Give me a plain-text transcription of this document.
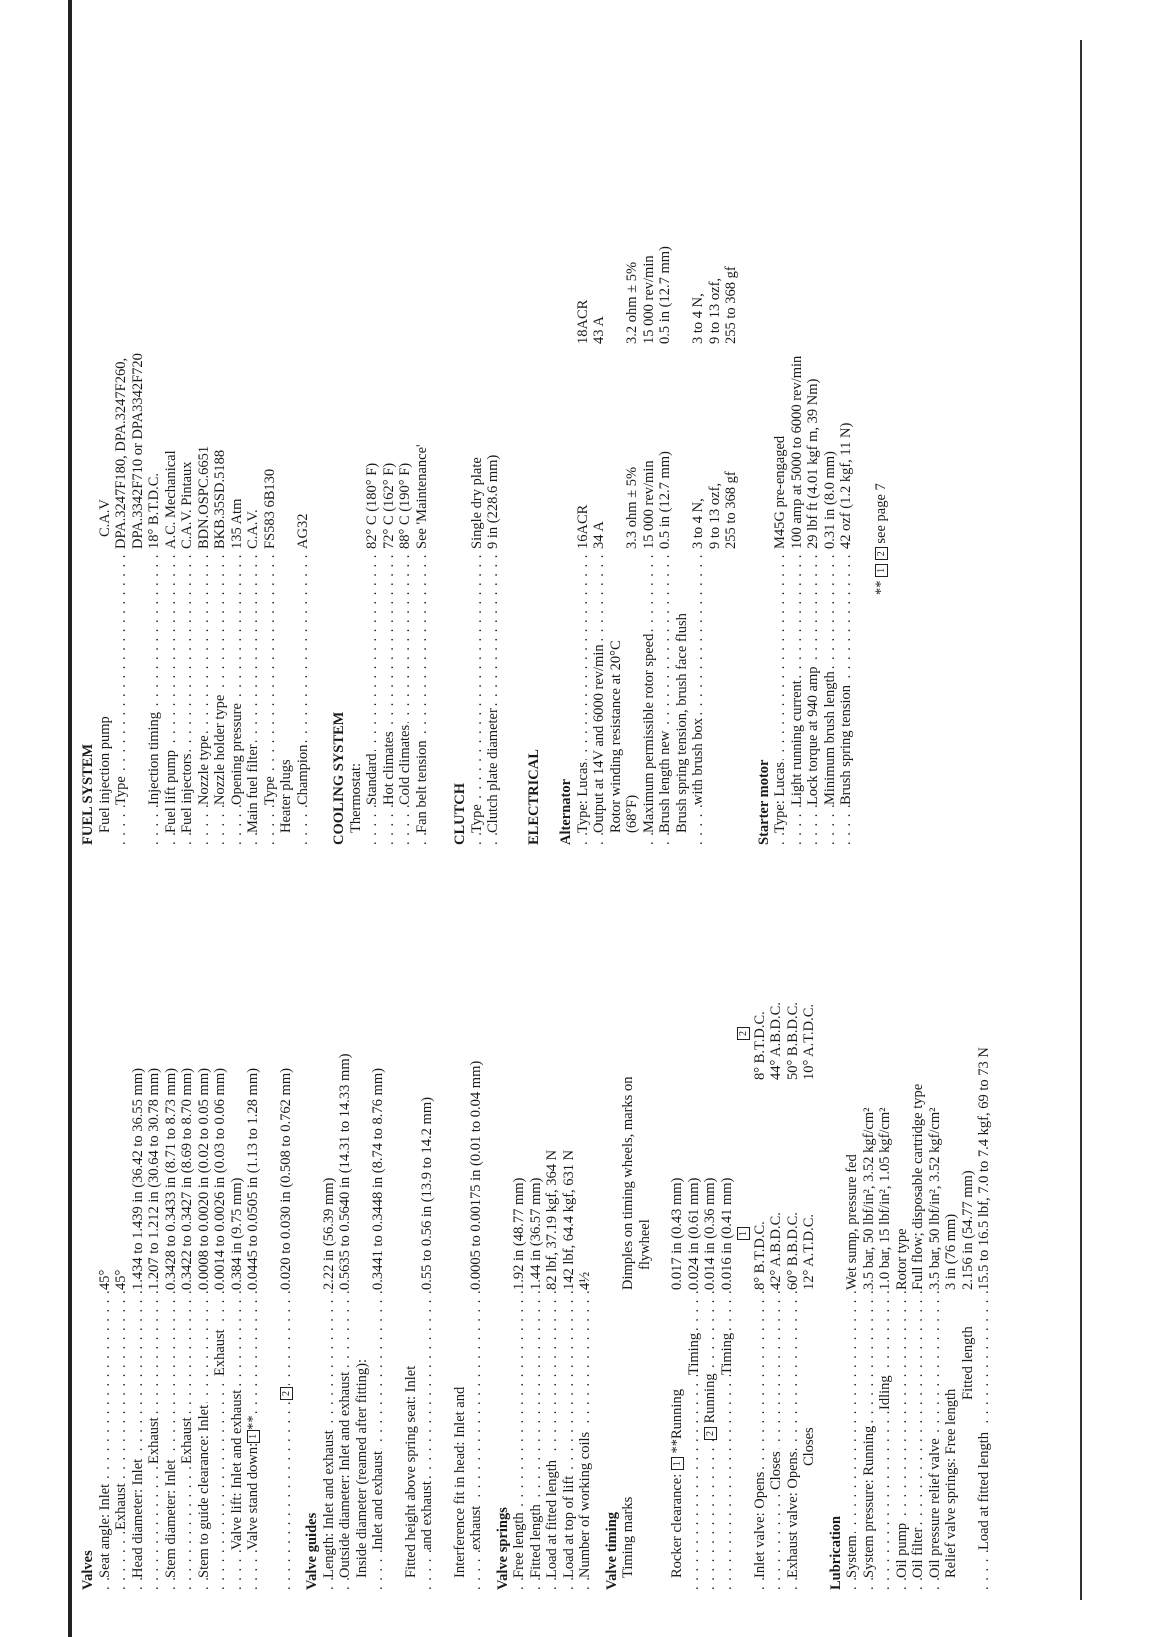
Valves Seat angle: Inlet . . .
45°
Exhaust . . .
45°
Head diameter: Inlet . . .
1.434 to 1.439 in (36.42 to 36.55 mm)
Exhaust . . .
1.207 to 1.212 in (30.64 to 30.78 mm)
Stem diameter: Inlet . . .
0.3428 to 0.3433 in (8.71 to 8.73 mm)
Exhaust . . .
0.3422 to 0.3427 in (8.69 to 8.70 mm)
Stem to guide clearance: Inlet . . .
0.0008 to 0.0020 in (0.02 to 0.05 mm)
Exhaust . . .
0.0014 to 0.0026 in (0.03 to 0.06 mm)
Valve lift: Inlet and exhaust . . .
0.384 in (9.75 mm)
Valve stand down:1** . . .
0.0445 to 0.0505 in (1.13 to 1.28 mm)
2 . . .
0.020 to 0.030 in (0.508 to 0.762 mm)
Valve guides Length: Inlet and exhaust . . .
2.22 in (56.39 mm)
Outside diameter: Inlet and exhaust . . .
0.5635 to 0.5640 in (14.31 to 14.33 mm)
Inside diameter (reamed after fitting): Inlet and exhaust . . .
0.3441 to 0.3448 in (8.74 to 8.76 mm)
Fitted height above spring seat: Inlet and exhaust . . .
0.55 to 0.56 in (13.9 to 14.2 mm)
Interference fit in head: Inlet and exhaust . . .
0.0005 to 0.00175 in (0.01 to 0.04 mm)
Valve springs Free length . . .
1.92 in (48.77 mm)
Fitted length . . .
1.44 in (36.57 mm)
Load at fitted length . . .
82 lbf, 37.19 kgf, 364 N
Load at top of lift . . .
142 lbf, 64.4 kgf, 631 N
Number of working coils . . .
4½
Valve timing Timing marks
Dimples on timing wheels, marks on flywheel
Rocker clearance: 1 **Running
0.017 in (0.43 mm)
Timing . . .
0.024 in (0.61 mm)
2 Running . . .
0.014 in (0.36 mm)
Timing . . .
0.016 in (0.41 mm) 1
2
Inlet valve: Opens . . .
8° B.T.D.C.
8° B.T.D.C.
Closes . . .
42° A.B.D.C.
44° A.B.D.C.
Exhaust valve: Opens . . .
60° B.B.D.C.
50° B.B.D.C.
Closes
12° A.T.D.C.
10° A.T.D.C.
Lubrication System . . .
Wet sump, pressure fed
System pressure: Running . . .
3.5 bar, 50 lbf/in², 3.52 kgf/cm²
Idling . . .
1.0 bar, 15 lbf/in², 1.05 kgf/cm²
Oil pump . . .
Rotor type
Oil filter . . .
Full flow; disposable cartridge type
Oil pressure relief valve . . .
3.5 bar, 50 lbf/in², 3.52 kgf/cm²
Relief valve springs: Free length
3 in (76 mm)
Fitted length
2.156 in (54.77 mm)
Load at fitted length . . .
15.5 to 16.5 lbf, 7.0 to 7.4 kgf, 69 to 73 N
FUEL SYSTEM Fuel injection pump
C.A.V
Type . . .
DPA.3247F180, DPA.3247F260, DPA.3342F710 or DPA3342F720
Injection timing . . .
18° B.T.D.C.
Fuel lift pump . . .
A.C. Mechanical
Fuel injectors . . .
C.A.V. Pintaux
Nozzle type . . .
BDN.OSPC.6651
Nozzle holder type . . .
BKB.35SD.5188
Opening pressure . . .
135 Atm
Main fuel filter . . .
C.A.V.
Type . . .
FS583 6B130
Heater plugs Champion . . .
AG32
COOLING SYSTEM Thermostat: Standard . . .
82° C (180° F)
Hot climates . . .
72° C (162° F)
Cold climates . . .
88° C (190° F)
Fan belt tension . . .
See 'Maintenance'
CLUTCH Type . . .
Single dry plate
Clutch plate diameter . . .
9 in (228.6 mm)
ELECTRICAL Alternator Type: Lucas . . .
16ACR
18ACR
Output at 14V and 6000 rev/min . . .
34 A
43 A
Rotor winding resistance at 20°C (68°F)
3.3 ohm ± 5%
3.2 ohm ± 5%
Maximum permissible rotor speed . . .
15 000 rev/min
15 000 rev/min
Brush length new . . .
0.5 in (12.7 mm)
0.5 in (12.7 mm)
Brush spring tension, brush face flush with brush box . . .
3 to 4 N,
3 to 4 N,
9 to 13 ozf,
9 to 13 ozf,
255 to 368 gf
255 to 368 gf
Starter motor Type: Lucas . . .
M45G pre-engaged
Light running current . . .
100 amp at 5000 to 6000 rev/min
Lock torque at 940 amp . . .
29 lbf ft (4.01 kgf m, 39 Nm)
Minimum brush length . . .
0.31 in (8.0 mm)
Brush spring tension . . .
42 ozf (1.2 kgf, 11 N)
** 1 2 see page 7
